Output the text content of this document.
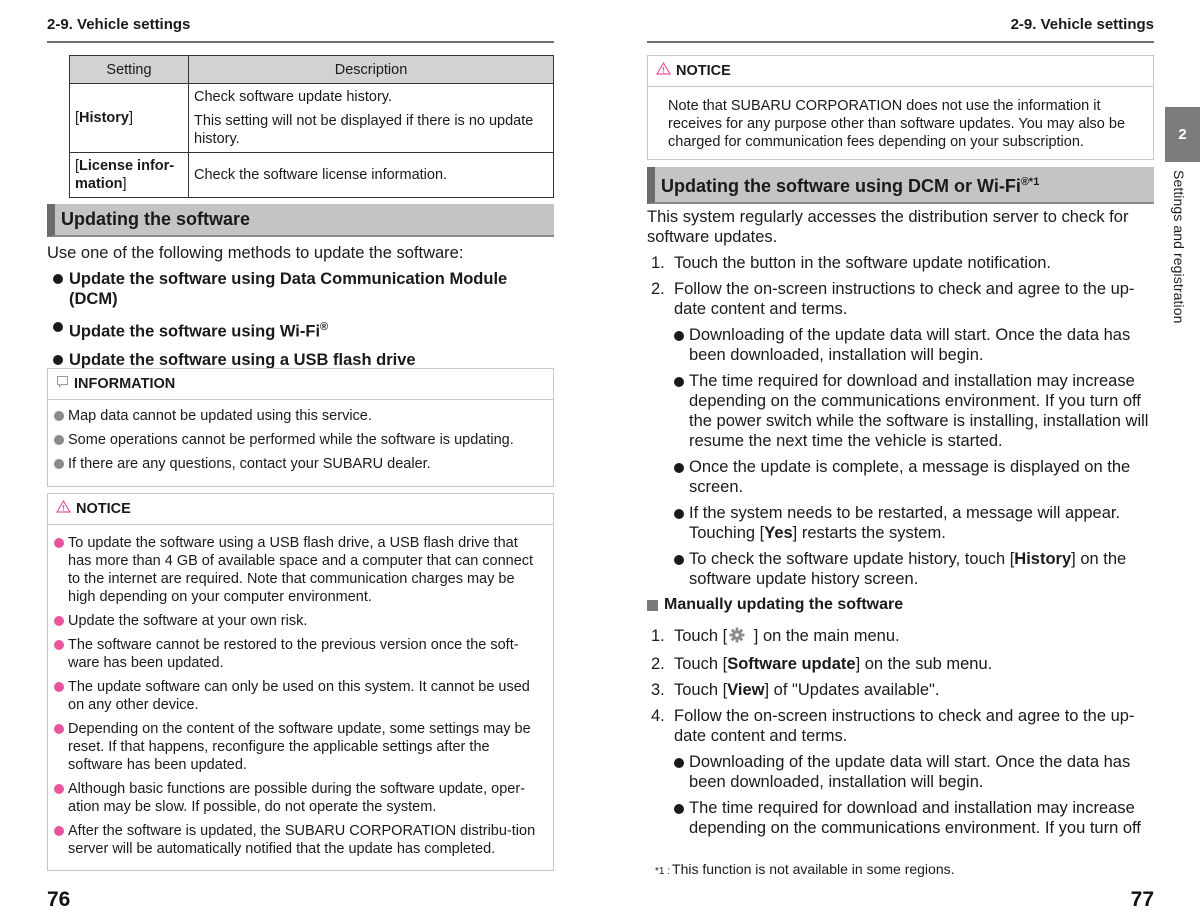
2-9. Vehicle settings
Setting	Description
[History]	Check software update history.

This setting will not be displayed if there is no update history.

[License infor-mation]	Check the software license information.

Updating the software
Use one of the following methods to update the software:
Update the software using Data Communication Module (DCM)
Update the software using Wi-Fi®
Update the software using a USB flash drive
INFORMATION
Map data cannot be updated using this service.
Some operations cannot be performed while the software is updating.
If there are any questions, contact your SUBARU dealer.
NOTICE
To update the software using a USB flash drive, a USB flash drive that has more than 4 GB of available space and a computer that can connect to the internet are required. Note that communication charges may be high depending on your computer environment.
Update the software at your own risk.
The software cannot be restored to the previous version once the soft-ware has been updated.
The update software can only be used on this system. It cannot be used on any other device.
Depending on the content of the software update, some settings may be reset. If that happens, reconfigure the applicable settings after the software has been updated.
Although basic functions are possible during the software update, oper-ation may be slow. If possible, do not operate the system.
After the software is updated, the SUBARU CORPORATION distribu-tion server will be automatically notified that the update has completed.
76
2-9. Vehicle settings
NOTICE
Note that SUBARU CORPORATION does not use the information it receives for any purpose other than software updates. You may also be charged for communication fees depending on your subscription.
Updating the software using DCM or $Wi-Fi^{®*1}$
This system regularly accesses the distribution server to check for software updates.
1. Touch the button in the software update notification.
2. Follow the on-screen instructions to check and agree to the up-date content and terms.
Downloading of the update data will start. Once the data has been downloaded, installation will begin.
The time required for download and installation may increase depending on the communications environment. If you turn off the power switch while the software is installing, installation will resume the next time the vehicle is started.
Once the update is complete, a message is displayed on the screen.
If the system needs to be restarted, a message will appear. Touching [Yes] restarts the system.
To check the software update history, touch [History] on the software update history screen.
Manually updating the software
1. Touch [ ] on the main menu.
2. Touch [Software update] on the sub menu.
3. Touch [View] of "Updates available".
4. Follow the on-screen instructions to check and agree to the up-date content and terms.
Downloading of the update data will start. Once the data has been downloaded, installation will begin.
The time required for download and installation may increase depending on the communications environment. If you turn off
*1 : This function is not available in some regions.
77
2
Settings and registration
